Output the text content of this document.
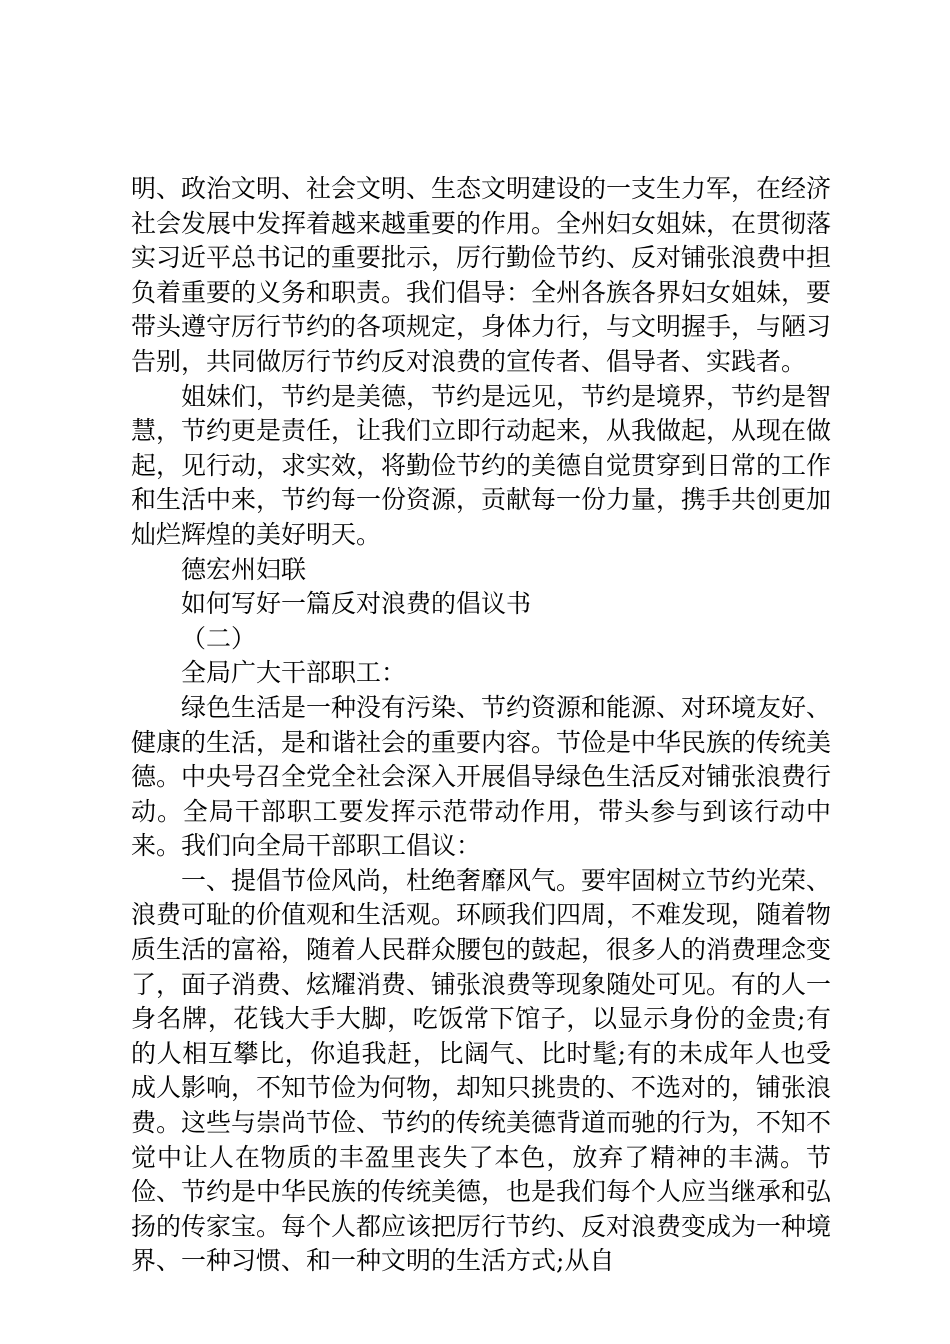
明、政治文明、社会文明、生态文明建设的一支生力军，在经济社会发展中发挥着越来越重要的作用。全州妇女姐妹，在贯彻落实习近平总书记的重要批示，厉行勤俭节约、反对铺张浪费中担负着重要的义务和职责。我们倡导：全州各族各界妇女姐妹，要带头遵守厉行节约的各项规定，身体力行，与文明握手，与陋习告别，共同做厉行节约反对浪费的宣传者、倡导者、实践者。

姐妹们，节约是美德，节约是远见，节约是境界，节约是智慧，节约更是责任，让我们立即行动起来，从我做起，从现在做起，见行动，求实效，将勤俭节约的美德自觉贯穿到日常的工作和生活中来，节约每一份资源，贡献每一份力量，携手共创更加灿烂辉煌的美好明天。

德宏州妇联

如何写好一篇反对浪费的倡议书

（二）

全局广大干部职工：

绿色生活是一种没有污染、节约资源和能源、对环境友好、健康的生活，是和谐社会的重要内容。节俭是中华民族的传统美德。中央号召全党全社会深入开展倡导绿色生活反对铺张浪费行动。全局干部职工要发挥示范带动作用，带头参与到该行动中来。我们向全局干部职工倡议：

一、提倡节俭风尚，杜绝奢靡风气。要牢固树立节约光荣、浪费可耻的价值观和生活观。环顾我们四周，不难发现，随着物质生活的富裕，随着人民群众腰包的鼓起，很多人的消费理念变了，面子消费、炫耀消费、铺张浪费等现象随处可见。有的人一身名牌，花钱大手大脚，吃饭常下馆子，以显示身份的金贵;有的人相互攀比，你追我赶，比阔气、比时髦;有的未成年人也受成人影响，不知节俭为何物，却知只挑贵的、不选对的，铺张浪费。这些与崇尚节俭、节约的传统美德背道而驰的行为，不知不觉中让人在物质的丰盈里丧失了本色，放弃了精神的丰满。节俭、节约是中华民族的传统美德，也是我们每个人应当继承和弘扬的传家宝。每个人都应该把厉行节约、反对浪费变成为一种境界、一种习惯、和一种文明的生活方式;从自
